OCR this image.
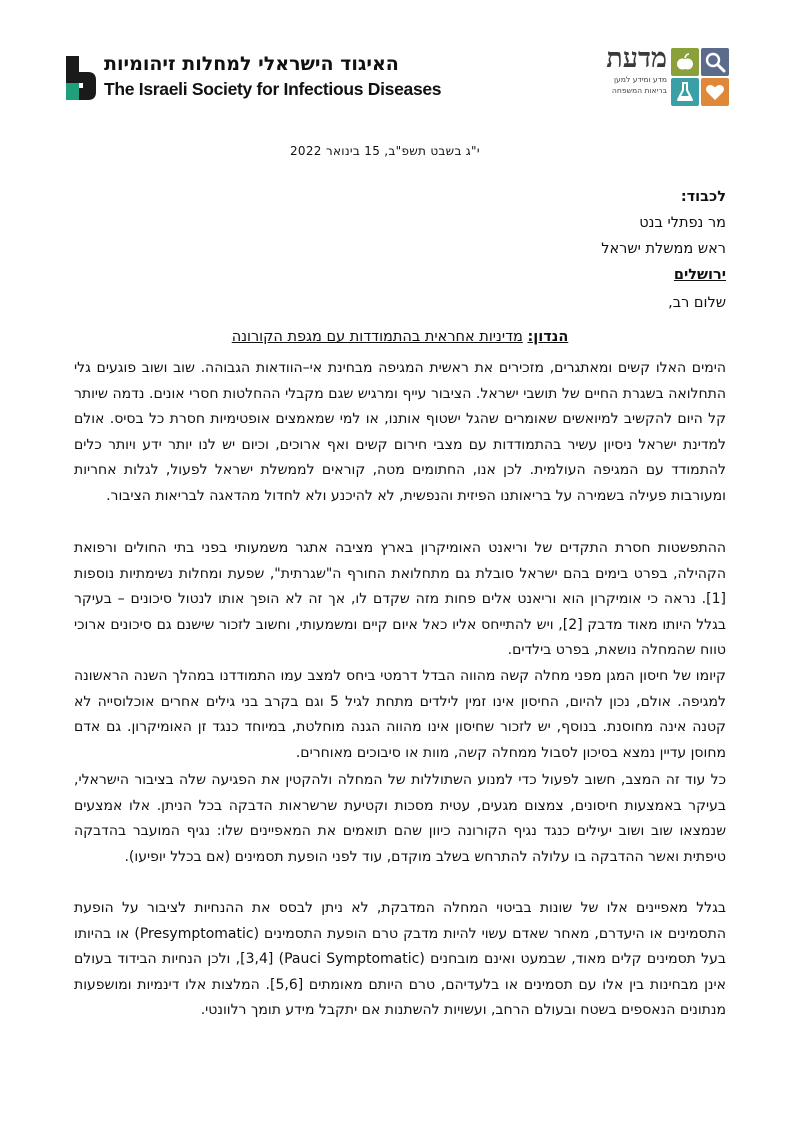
האיגוד הישראלי למחלות זיהומיות
The Israeli Society for Infectious Diseases
מדעת
מדע ומידע למען
בריאות המשפחה
י"ג בשבט תשפ"ב, 15 בינואר 2022
לכבוד:
מר נפתלי בנט
ראש ממשלת ישראל
ירושלים
שלום רב,
הנדון: מדיניות אחראית בהתמודדות עם מגפת הקורונה
הימים האלו קשים ומאתגרים, מזכירים את ראשית המגיפה מבחינת אי–הוודאות הגבוהה. שוב ושוב פוגעים גלי התחלואה בשגרת החיים של תושבי ישראל. הציבור עייף ומרגיש שגם מקבלי ההחלטות חסרי אונים. נדמה שיותר קל היום להקשיב למיואשים שאומרים שהגל ישטוף אותנו, או למי שמאמצים אופטימיות חסרת כל בסיס. אולם למדינת ישראל ניסיון עשיר בהתמודדות עם מצבי חירום קשים ואף ארוכים, וכיום יש לנו יותר ידע ויותר כלים להתמודד עם המגיפה העולמית. לכן אנו, החתומים מטה, קוראים לממשלת ישראל לפעול, לגלות אחריות ומעורבות פעילה בשמירה על בריאותנו הפיזית והנפשית, לא להיכנע ולא לחדול מהדאגה לבריאות הציבור.
ההתפשטות חסרת התקדים של וריאנט האומיקרון בארץ מציבה אתגר משמעותי בפני בתי החולים ורפואת הקהילה, בפרט בימים בהם ישראל סובלת גם מתחלואת החורף ה"שגרתית", שפעת ומחלות נשימתיות נוספות [1]. נראה כי אומיקרון הוא וריאנט אלים פחות מזה שקדם לו, אך זה לא הופך אותו לנטול סיכונים – בעיקר בגלל היותו מאוד מדבק [2], ויש להתייחס אליו כאל איום קיים ומשמעותי, וחשוב לזכור שישנם גם סיכונים ארוכי טווח שהמחלה נושאת, בפרט בילדים.
קיומו של חיסון המגן מפני מחלה קשה מהווה הבדל דרמטי ביחס למצב עמו התמודדנו במהלך השנה הראשונה למגיפה. אולם, נכון להיום, החיסון אינו זמין לילדים מתחת לגיל 5 וגם בקרב בני גילים אחרים אוכלוסייה לא קטנה אינה מחוסנת. בנוסף, יש לזכור שחיסון אינו מהווה הגנה מוחלטת, במיוחד כנגד זן האומיקרון. גם אדם מחוסן עדיין נמצא בסיכון לסבול ממחלה קשה, מוות או סיבוכים מאוחרים.
כל עוד זה המצב, חשוב לפעול כדי למנוע השתוללות של המחלה ולהקטין את הפגיעה שלה בציבור הישראלי, בעיקר באמצעות חיסונים, צמצום מגעים, עטית מסכות וקטיעת שרשראות הדבקה בכל הניתן. אלו אמצעים שנמצאו שוב ושוב יעילים כנגד נגיף הקורונה כיוון שהם תואמים את המאפיינים שלו: נגיף המועבר בהדבקה טיפתית ואשר ההדבקה בו עלולה להתרחש בשלב מוקדם, עוד לפני הופעת תסמינים (אם בכלל יופיעו).
בגלל מאפיינים אלו של שונות בביטוי המחלה המדבקת, לא ניתן לבסס את ההנחיות לציבור על הופעת התסמינים או היעדרם, מאחר שאדם עשוי להיות מדבק טרם הופעת התסמינים (Presymptomatic) או בהיותו בעל תסמינים קלים מאוד, שבמעט ואינם מובחנים (Pauci Symptomatic) [3,4], ולכן הנחיות הבידוד בעולם אינן מבחינות בין אלו עם תסמינים או בלעדיהם, טרם היותם מאומתים [5,6]. המלצות אלו דינמיות ומושפעות מנתונים הנאספים בשטח ובעולם הרחב, ועשויות להשתנות אם יתקבל מידע תומך רלוונטי.
